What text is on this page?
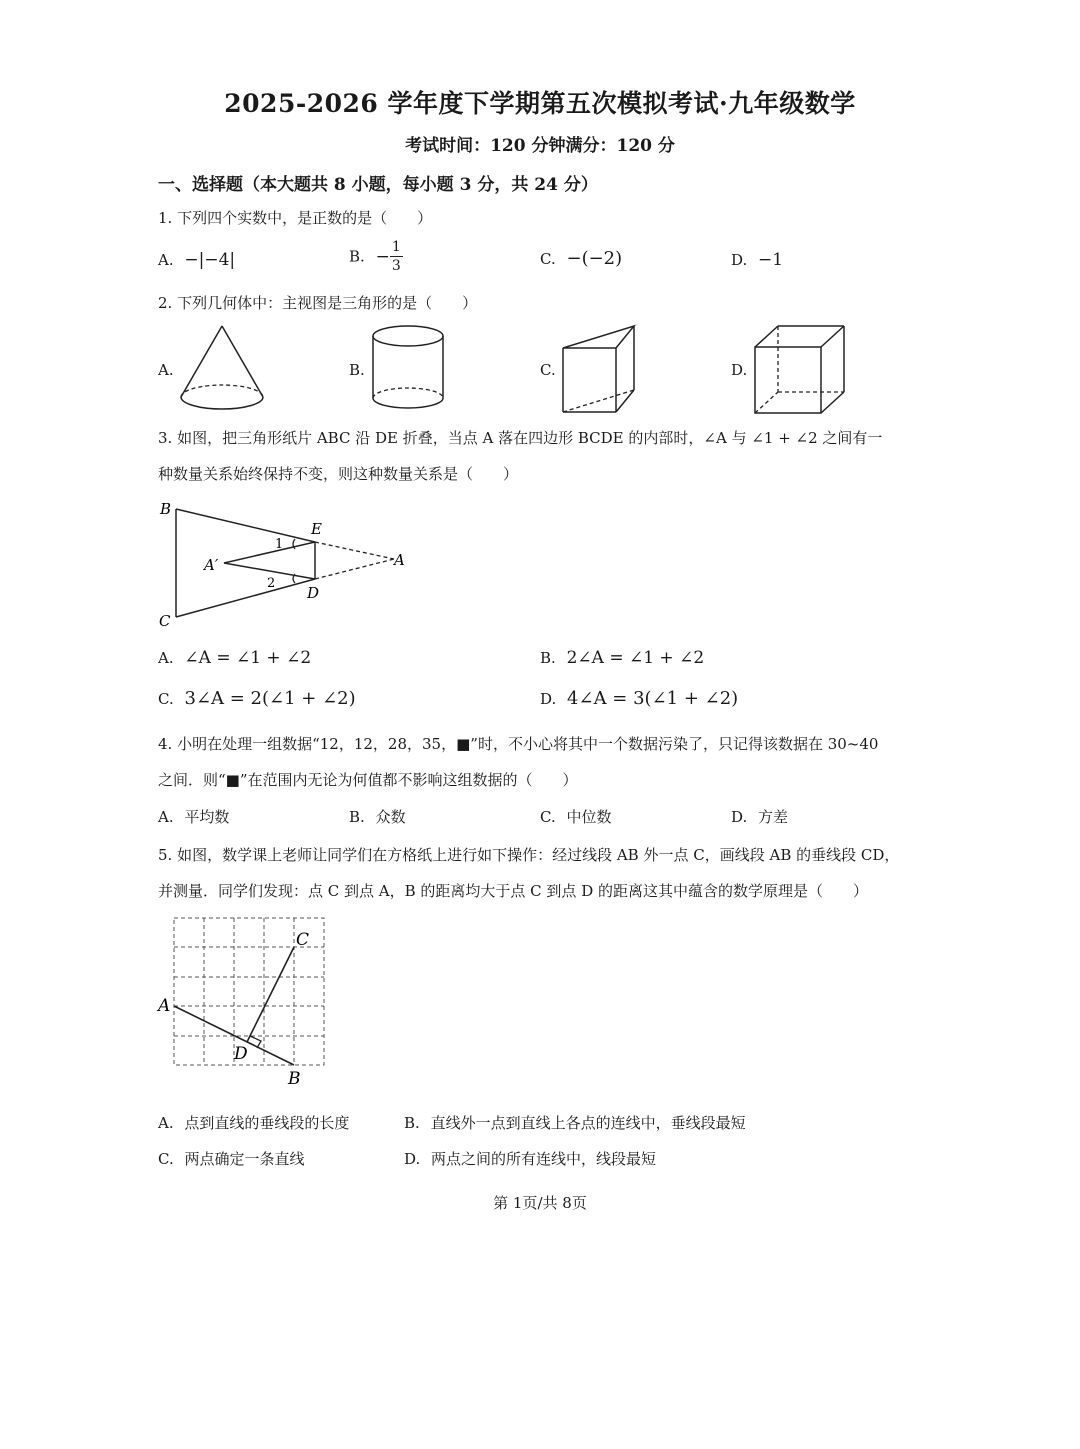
2025-2026 学年度下学期第五次模拟考试·九年级数学
考试时间：120 分钟满分：120 分
一、选择题（本大题共 8 小题，每小题 3 分，共 24 分）
1. 下列四个实数中，是正数的是（　　）
A. −|−4|	B. − $\frac{1}{3}$	C. −(−2)	D. −1
2. 下列几何体中：主视图是三角形的是（　　）
A.	B.	C.	D.
3. 如图，把三角形纸片 ABC 沿 DE 折叠，当点 A 落在四边形 BCDE 的内部时，∠A 与 ∠1 + ∠2 之间有一
种数量关系始终保持不变，则这种数量关系是（　　）
B
C
E
D
A
A′
1
2
A. ∠A = ∠1 + ∠2	B. 2∠A = ∠1 + ∠2
C. 3∠A = 2(∠1 + ∠2)	D. 4∠A = 3(∠1 + ∠2)
4. 小明在处理一组数据“12，12，28，35，■”时，不小心将其中一个数据污染了，只记得该数据在 30~40
之间．则“■”在范围内无论为何值都不影响这组数据的（　　）
A. 平均数	B. 众数	C. 中位数	D. 方差
5. 如图，数学课上老师让同学们在方格纸上进行如下操作：经过线段 AB 外一点 C，画线段 AB 的垂线段 CD，
并测量．同学们发现：点 C 到点 A，B 的距离均大于点 C 到点 D 的距离这其中蕴含的数学原理是（　　）
A
B
C
D
A. 点到直线的垂线段的长度	B. 直线外一点到直线上各点的连线中，垂线段最短
C. 两点确定一条直线	D. 两点之间的所有连线中，线段最短
第 1页/共 8页
